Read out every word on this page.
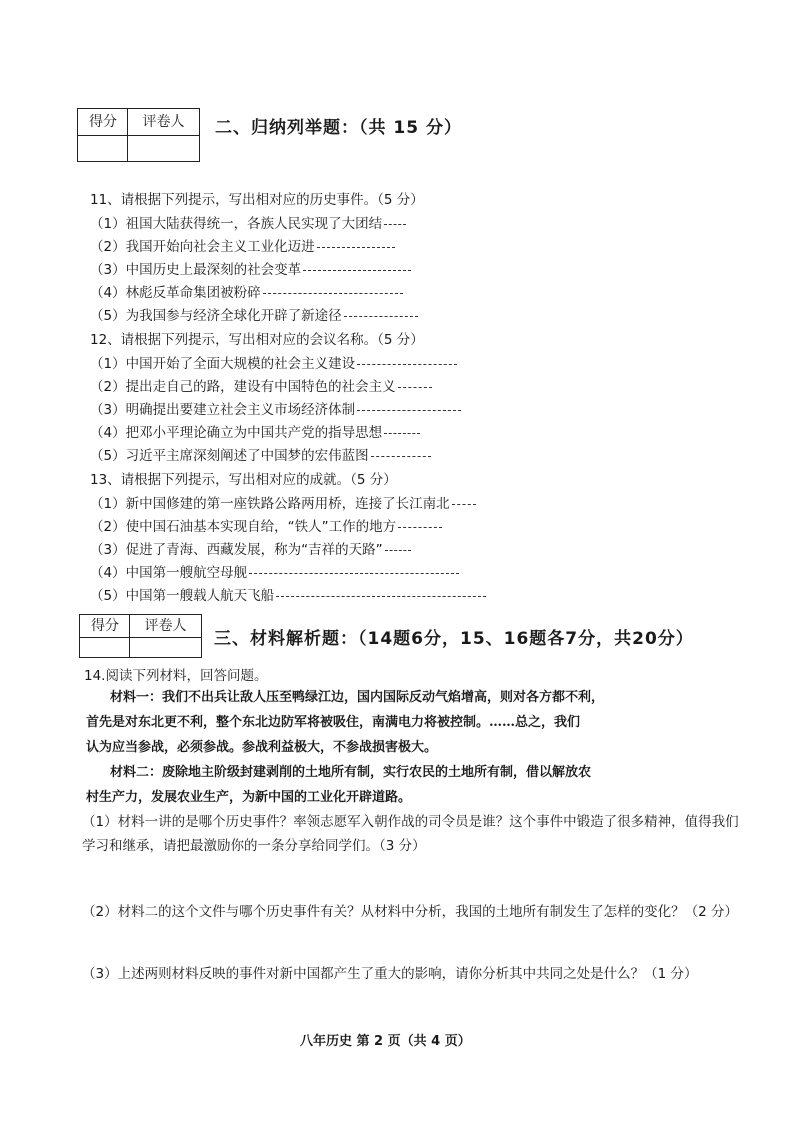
得分	评卷人	二、归纳列举题：（共 15 分）
11、请根据下列提示，写出相对应的历史事件。（5 分）
（1）祖国大陆获得统一，各族人民实现了大团结
（2）我国开始向社会主义工业化迈进
（3）中国历史上最深刻的社会变革
（4）林彪反革命集团被粉碎
（5）为我国参与经济全球化开辟了新途径
12、请根据下列提示，写出相对应的会议名称。（5 分）
（1）中国开始了全面大规模的社会主义建设
（2）提出走自己的路，建设有中国特色的社会主义
（3）明确提出要建立社会主义市场经济体制
（4）把邓小平理论确立为中国共产党的指导思想
（5）习近平主席深刻阐述了中国梦的宏伟蓝图
13、请根据下列提示，写出相对应的成就。（5 分）
（1）新中国修建的第一座铁路公路两用桥，连接了长江南北
（2）使中国石油基本实现自给，“铁人”工作的地方
（3）促进了青海、西藏发展，称为“吉祥的天路”
（4）中国第一艘航空母舰
（5）中国第一艘载人航天飞船
得分	评卷人
三、材料解析题：（14题6分，15、16题各7分，共20分）
14.阅读下列材料，回答问题。
材料一：我们不出兵让敌人压至鸭绿江边，国内国际反动气焰增高，则对各方都不利，
首先是对东北更不利，整个东北边防军将被吸住，南满电力将被控制。……总之，我们
认为应当参战，必须参战。参战利益极大，不参战损害极大。
材料二：废除地主阶级封建剥削的土地所有制，实行农民的土地所有制，借以解放农
村生产力，发展农业生产，为新中国的工业化开辟道路。
（1）材料一讲的是哪个历史事件？率领志愿军入朝作战的司令员是谁？这个事件中锻造了很多精神，值得我们学习和继承，请把最激励你的一条分享给同学们。（3 分）
（2）材料二的这个文件与哪个历史事件有关？从材料中分析，我国的土地所有制发生了怎样的变化？（2 分）
（3）上述两则材料反映的事件对新中国都产生了重大的影响，请你分析其中共同之处是什么？（1 分）
八年历史 第 2 页（共 4 页）
